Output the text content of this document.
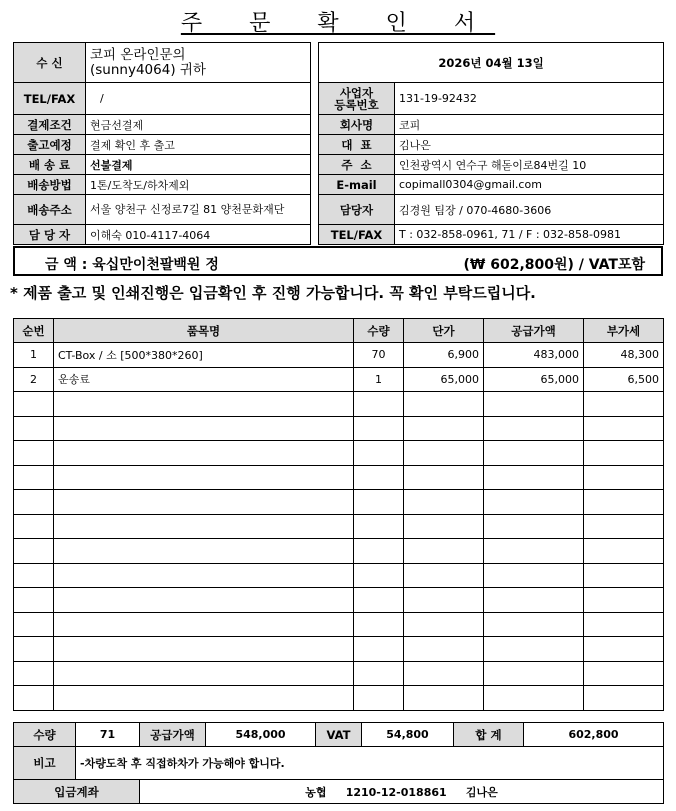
주 문 확 인 서
수 신	코피 온라인문의
(sunny4064) 귀하
TEL/FAX	/
결제조건	현금선결제
출고예정	결제 확인 후 출고
배 송 료	선불결제
배송방법	1톤/도착도/하차제외
배송주소	서울 양천구 신정로7길 81 양천문화재단
담 당 자	이해숙 010-4117-4064
2026년 04월 13일	
사업자
등록번호	131-19-92432
회사명	코피
대  표	김나은
주  소	인천광역시 연수구 해돋이로84번길 10
E-mail	copimall0304@gmail.com
담당자	김경원 팀장 / 070-4680-3606
TEL/FAX	T : 032-858-0961, 71 / F : 032-858-0981
금 액 : 육십만이천팔백원 정	(₩ 602,800원) / VAT포함
* 제품 출고 및 인쇄진행은 입금확인 후 진행 가능합니다. 꼭 확인 부탁드립니다.
순번	품목명	수량	단가	공급가액	부가세
1	CT-Box / 소 [500*380*260]	70	6,900	483,000	48,300
2	운송료	1	65,000	65,000	6,500

수량	71	공급가액	548,000	VAT	54,800	합 계	602,800
비고	-차량도착 후 직접하차가 가능해야 합니다.						
입금계좌		농협     1210-12-018861     김나은					
